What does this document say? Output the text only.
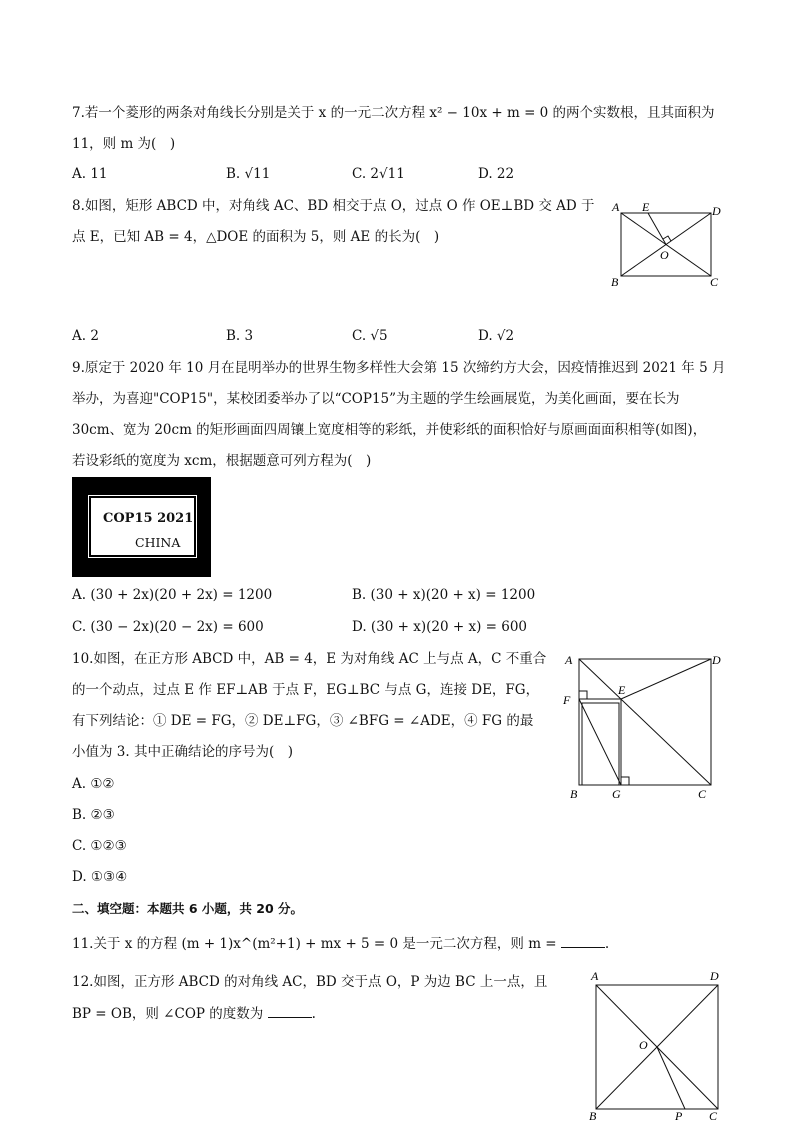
7.若一个菱形的两条对角线长分别是关于 x 的一元二次方程 x² − 10x + m = 0 的两个实数根，且其面积为
11，则 m 为(　)
A. 11	B. √11	C. 2√11	D. 22
8.如图，矩形 ABCD 中，对角线 AC、BD 相交于点 O，过点 O 作 OE⊥BD 交 AD 于
点 E，已知 AB = 4，△DOE 的面积为 5，则 AE 的长为(　)
A E	D
O
B	C
A. 2	B. 3	C. √5	D. √2
9.原定于 2020 年 10 月在昆明举办的世界生物多样性大会第 15 次缔约方大会，因疫情推迟到 2021 年 5 月
举办，为喜迎"COP15"，某校团委举办了以“COP15”为主题的学生绘画展览，为美化画面，要在长为
30cm、宽为 20cm 的矩形画面四周镶上宽度相等的彩纸，并使彩纸的面积恰好与原画面面积相等(如图)，
若设彩纸的宽度为 xcm，根据题意可列方程为(　)
COP15 2021
CHINA
A. (30 + 2x)(20 + 2x) = 1200	B. (30 + x)(20 + x) = 1200
C. (30 − 2x)(20 − 2x) = 600	D. (30 + x)(20 + x) = 600
10.如图，在正方形 ABCD 中，AB = 4，E 为对角线 AC 上与点 A，C 不重合
的一个动点，过点 E 作 EF⊥AB 于点 F，EG⊥BC 与点 G，连接 DE，FG，
有下列结论：① DE = FG，② DE⊥FG，③ ∠BFG = ∠ADE，④ FG 的最
小值为 3. 其中正确结论的序号为(　)
A. ①②
B. ②③
C. ①②③
D. ①③④
A	D
F
E
B	G	C
二、填空题：本题共 6 小题，共 20 分。
11.关于 x 的方程 (m + 1)x^(m²+1) + mx + 5 = 0 是一元二次方程，则 m =	.
12.如图，正方形 ABCD 的对角线 AC，BD 交于点 O，P 为边 BC 上一点，且
BP = OB，则 ∠COP 的度数为	.
A	D
O
B	P C
